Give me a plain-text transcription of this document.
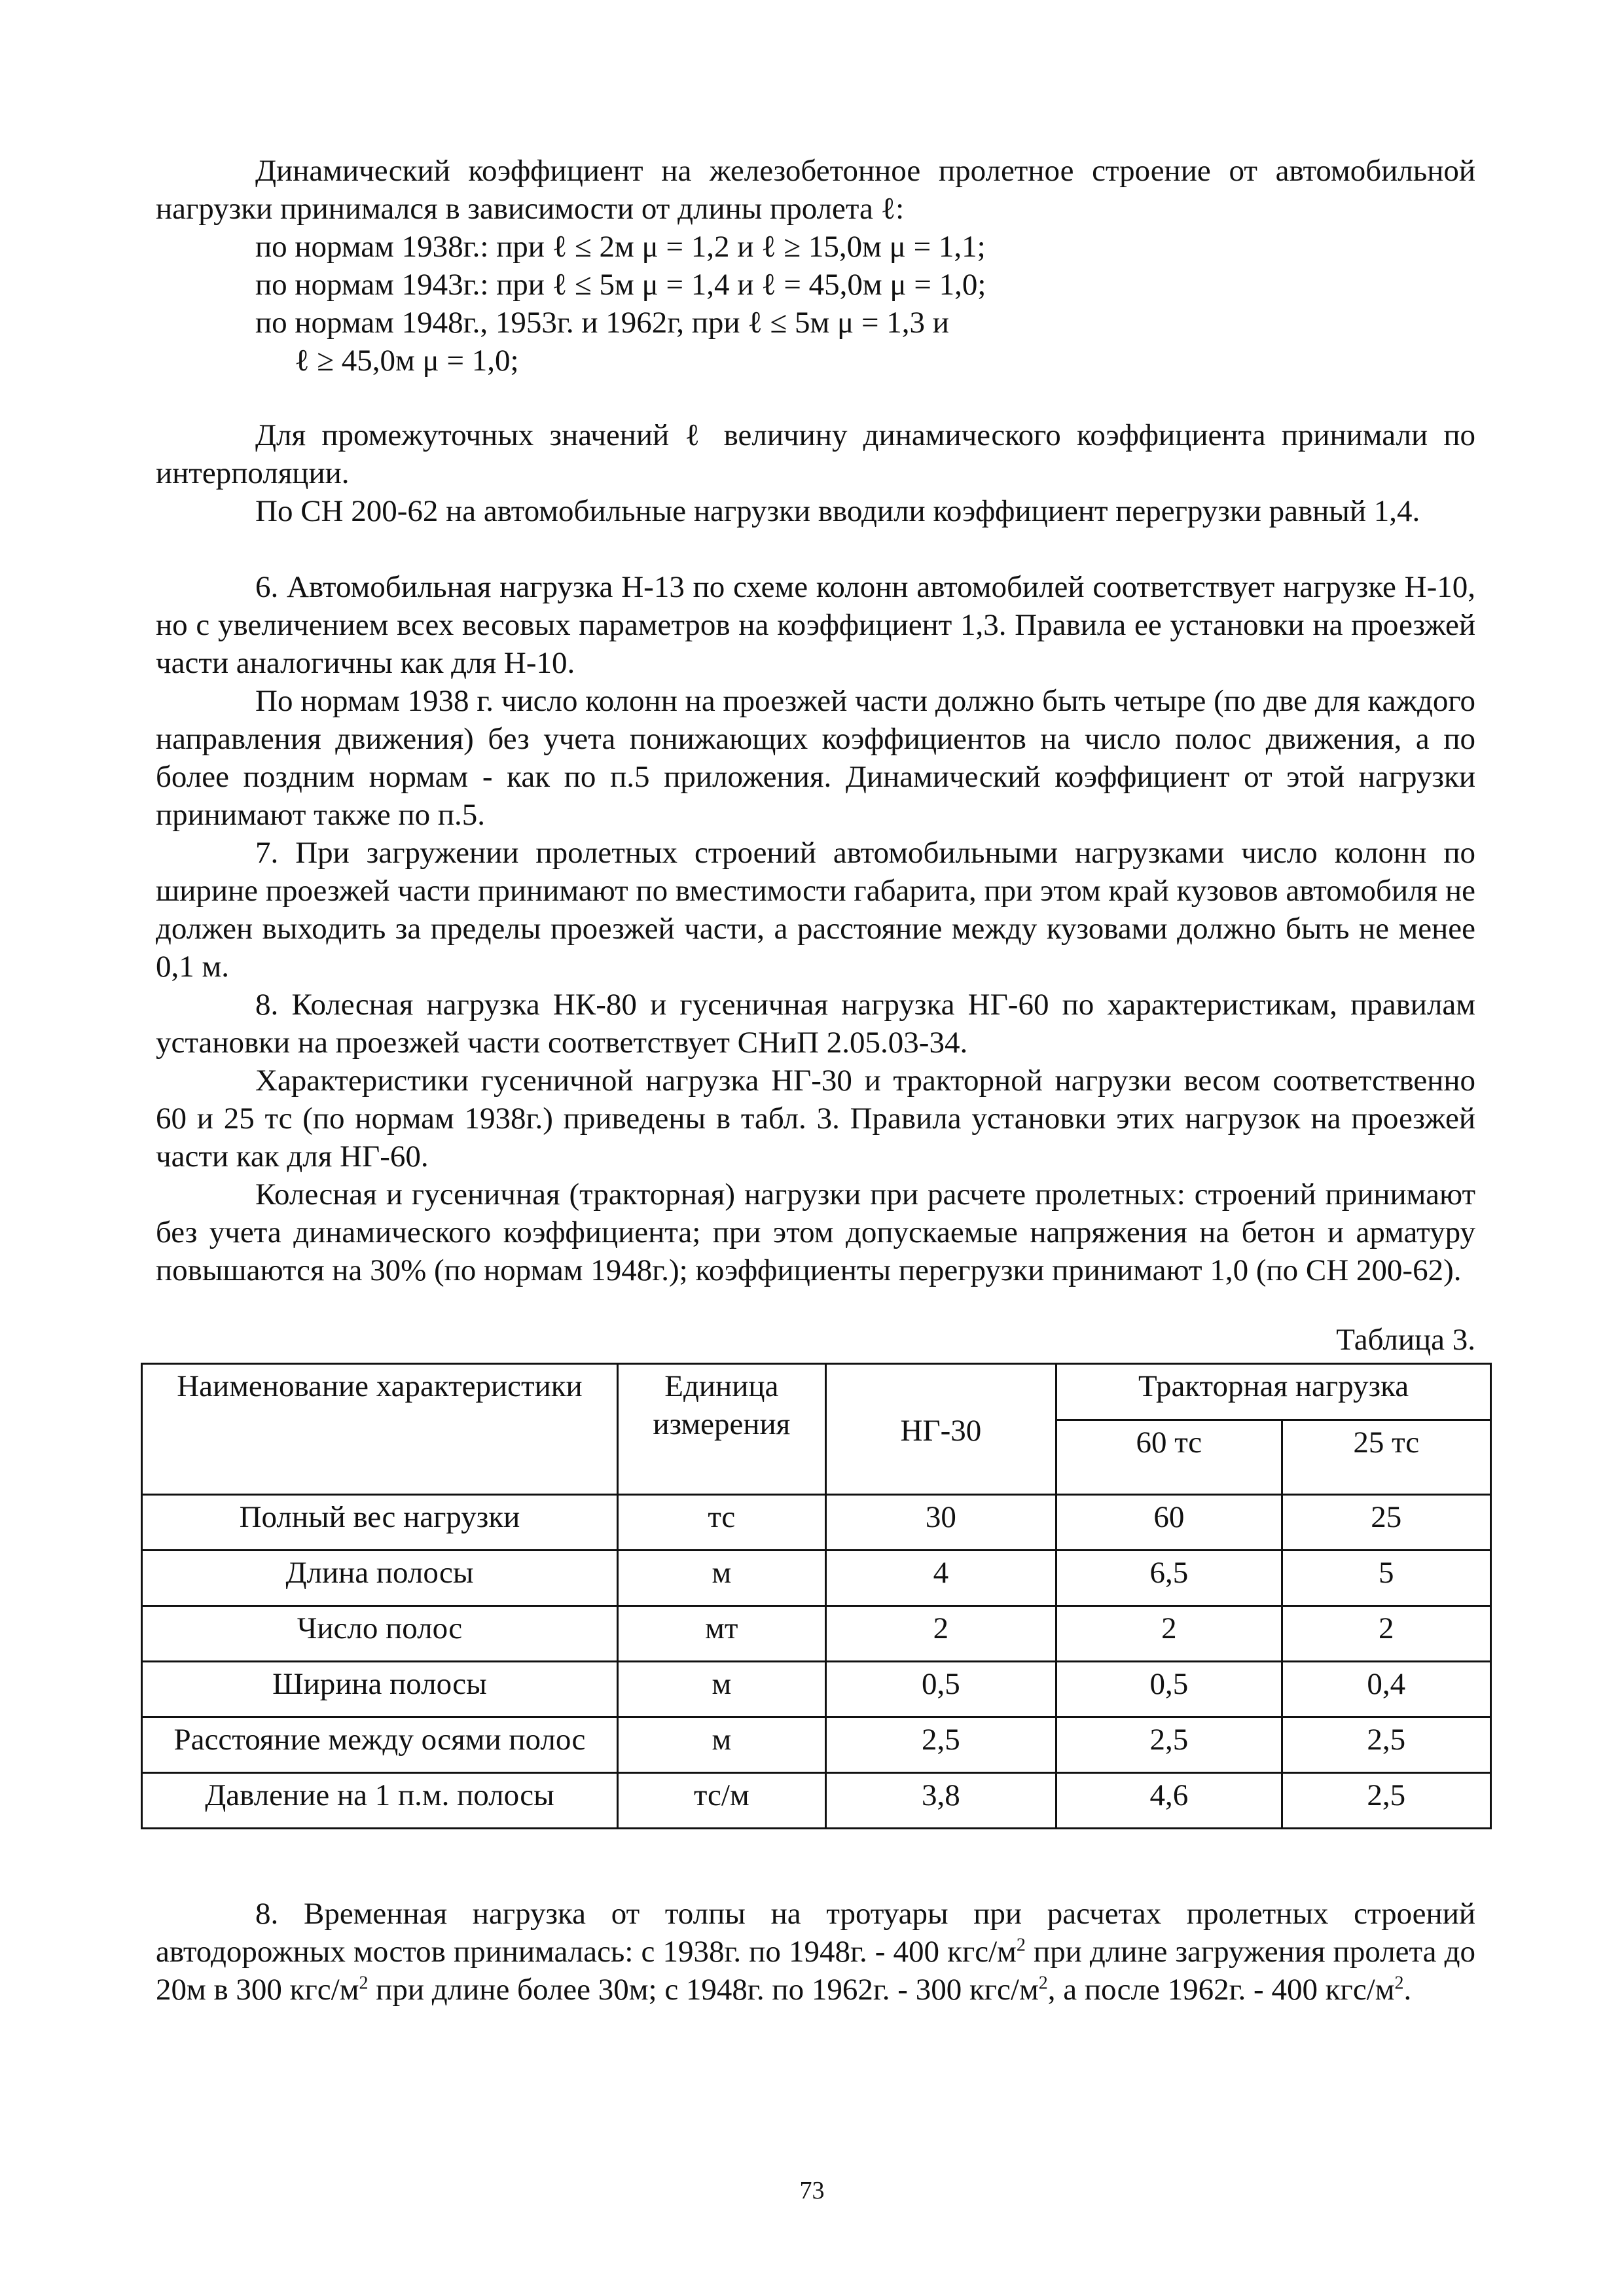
Динамический коэффициент на железобетонное пролетное строение от автомобильной нагрузки принимался в зависимости от длины пролета ℓ:

по нормам 1938г.: при ℓ ≤ 2м μ = 1,2 и ℓ ≥ 15,0м μ = 1,1;

по нормам 1943г.: при ℓ ≤ 5м μ = 1,4 и ℓ = 45,0м μ = 1,0;

по нормам 1948г., 1953г. и 1962г, при ℓ ≤ 5м μ = 1,3 и

ℓ ≥ 45,0м μ = 1,0;

Для промежуточных значений ℓ величину динамического коэффициента принимали по интерполяции.

По СН 200-62 на автомобильные нагрузки вводили коэффициент перегрузки равный 1,4.

6. Автомобильная нагрузка Н-13 по схеме колонн автомобилей соответствует нагрузке Н-10, но с увеличением всех весовых параметров на коэффициент 1,3. Правила ее установки на проезжей части аналогичны как для Н-10.

По нормам 1938 г. число колонн на проезжей части должно быть четыре (по две для каждого направления движения) без учета понижающих коэффициентов на число полос движения, а по более поздним нормам - как по п.5 приложения. Динамический коэффициент от этой нагрузки принимают также по п.5.

7. При загружении пролетных строений автомобильными нагрузками число колонн по ширине проезжей части принимают по вместимости габарита, при этом край кузовов автомобиля не должен выходить за пределы проезжей части, а расстояние между кузовами должно быть не менее 0,1 м.

8. Колесная нагрузка НК-80 и гусеничная нагрузка НГ-60 по характеристикам, правилам установки на проезжей части соответствует СНиП 2.05.03-34.

Характеристики гусеничной нагрузка НГ-30 и тракторной нагрузки весом соответственно 60 и 25 тс (по нормам 1938г.) приведены в табл. 3. Правила установки этих нагрузок на проезжей части как для НГ-60.

Колесная и гусеничная (тракторная) нагрузки при расчете пролетных: строений принимают без учета динамического коэффициента; при этом допускаемые напряжения на бетон и арматуру повышаются на 30% (по нормам 1948г.); коэффициенты перегрузки принимают 1,0 (по СН 200-62).

Таблица 3.
Наименование характеристики	Единица измерения	НГ-30	Тракторная нагрузка	
			60 тс	25 тс
Полный вес нагрузки	тс	30	60	25
Длина полосы	м	4	6,5	5
Число полос	мт	2	2	2
Ширина полосы	м	0,5	0,5	0,4
Расстояние между осями полос	м	2,5	2,5	2,5
Давление на 1 п.м. полосы	тс/м	3,8	4,6	2,5

8. Временная нагрузка от толпы на тротуары при расчетах пролетных строений автодорожных мостов принималась: с 1938г. по 1948г. - 400 кгс/$м^2$ при длине загружения пролета до 20м в 300 кгс/$м^2$ при длине более 30м; с 1948г. по 1962г. - 300 кгс/$м^2$, а после 1962г. - 400 кгс/$м^2$.

73
